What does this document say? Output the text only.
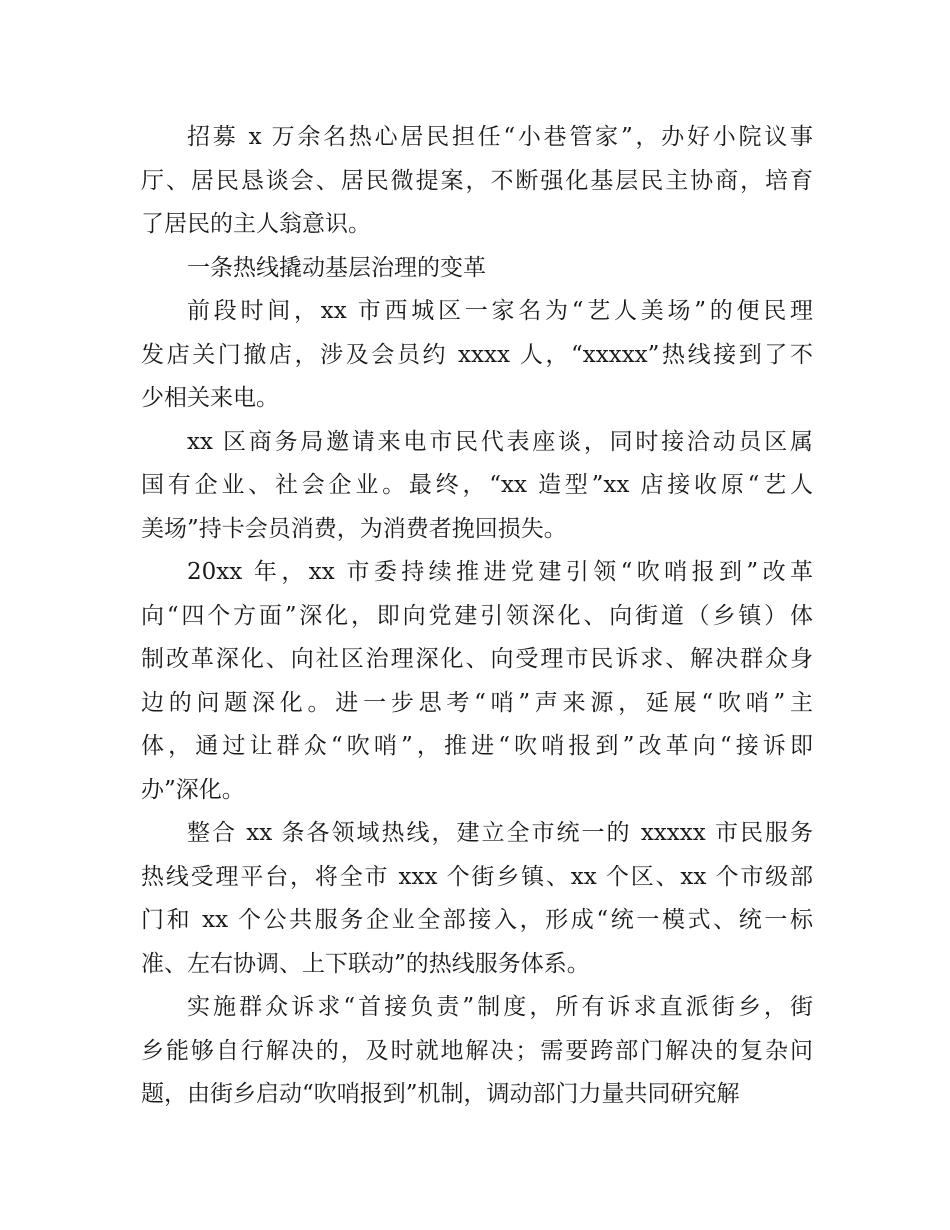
招募 x 万余名热心居民担任“小巷管家”，办好小院议事
厅、居民恳谈会、居民微提案，不断强化基层民主协商，培育
了居民的主人翁意识。
一条热线撬动基层治理的变革
前段时间，xx 市西城区一家名为“艺人美场”的便民理
发店关门撤店，涉及会员约 xxxx 人，“xxxxx”热线接到了不
少相关来电。
xx 区商务局邀请来电市民代表座谈，同时接洽动员区属
国有企业、社会企业。最终，“xx 造型”xx 店接收原“艺人
美场”持卡会员消费，为消费者挽回损失。
20xx 年，xx 市委持续推进党建引领“吹哨报到”改革
向“四个方面”深化，即向党建引领深化、向街道（乡镇）体
制改革深化、向社区治理深化、向受理市民诉求、解决群众身
边的问题深化。进一步思考“哨”声来源，延展“吹哨”主
体，通过让群众“吹哨”，推进“吹哨报到”改革向“接诉即
办”深化。
整合 xx 条各领域热线，建立全市统一的 xxxxx 市民服务
热线受理平台，将全市 xxx 个街乡镇、xx 个区、xx 个市级部
门和 xx 个公共服务企业全部接入，形成“统一模式、统一标
准、左右协调、上下联动”的热线服务体系。
实施群众诉求“首接负责”制度，所有诉求直派街乡，街
乡能够自行解决的，及时就地解决；需要跨部门解决的复杂问
题，由街乡启动“吹哨报到”机制，调动部门力量共同研究解
